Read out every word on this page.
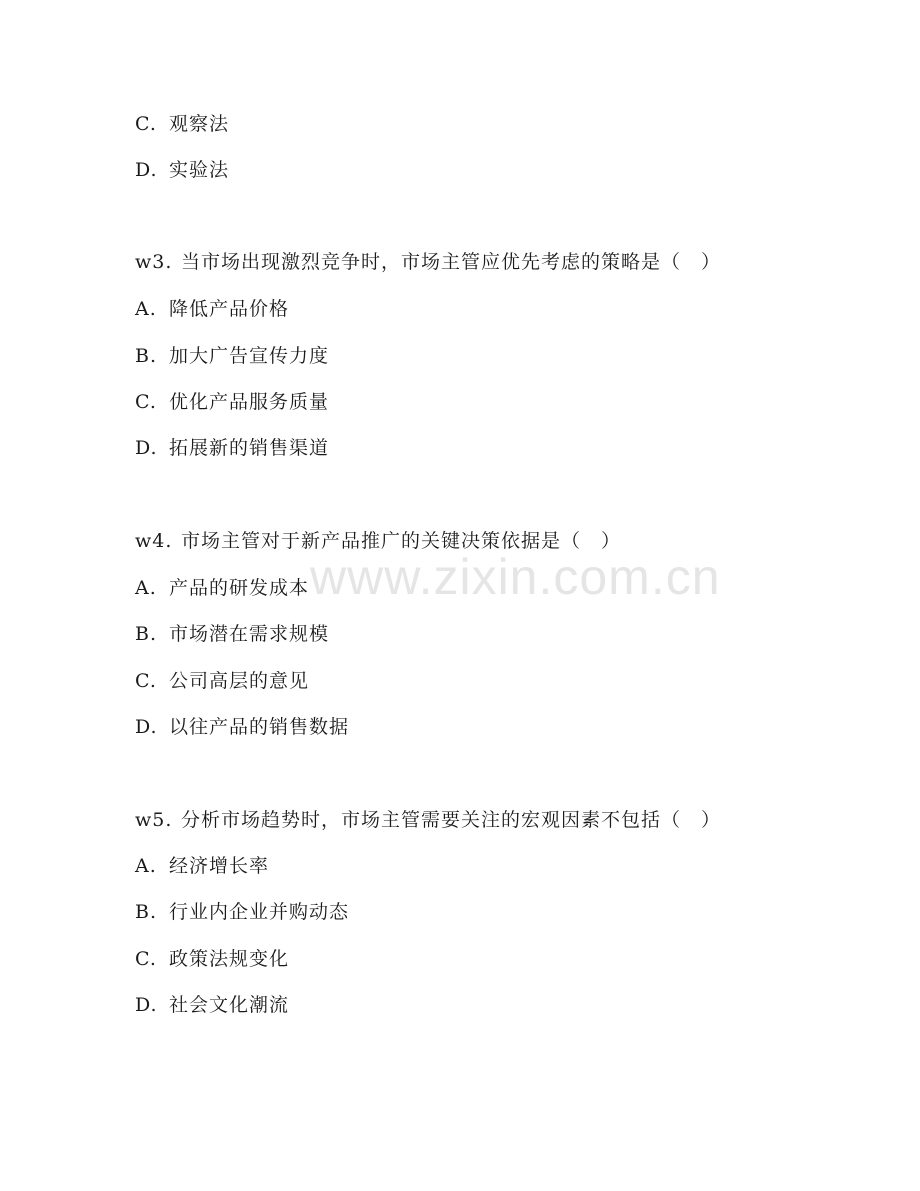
C. 观察法
D. 实验法
w3. 当市场出现激烈竞争时，市场主管应优先考虑的策略是（　）
A. 降低产品价格
B. 加大广告宣传力度
C. 优化产品服务质量
D. 拓展新的销售渠道
w4. 市场主管对于新产品推广的关键决策依据是（　）
A. 产品的研发成本
B. 市场潜在需求规模
C. 公司高层的意见
D. 以往产品的销售数据
w5. 分析市场趋势时，市场主管需要关注的宏观因素不包括（　）
A. 经济增长率
B. 行业内企业并购动态
C. 政策法规变化
D. 社会文化潮流
www.zixin.com.cn
